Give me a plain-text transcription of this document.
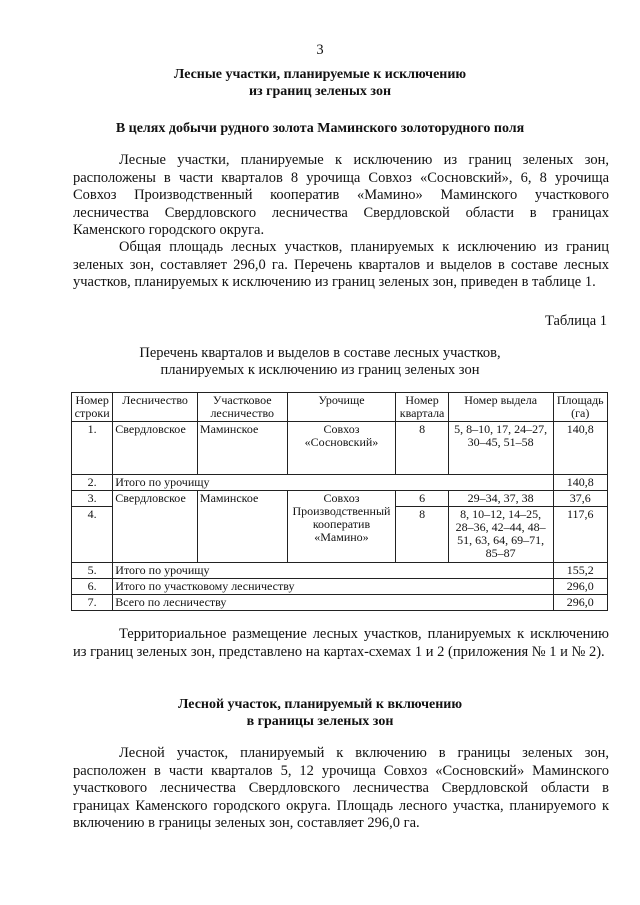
3
Лесные участки, планируемые к исключению
из границ зеленых зон
В целях добычи рудного золота Маминского золоторудного поля
Лесные участки, планируемые к исключению из границ зеленых зон, расположены в части кварталов 8 урочища Совхоз «Сосновский», 6, 8 урочища Совхоз Производственный кооператив «Мамино» Маминского участкового лесничества Свердловского лесничества Свердловской области в границах Каменского городского округа.
Общая площадь лесных участков, планируемых к исключению из границ зеленых зон, составляет 296,0 га. Перечень кварталов и выделов в составе лесных участков, планируемых к исключению из границ зеленых зон, приведен в таблице 1.
Таблица 1
Перечень кварталов и выделов в составе лесных участков,
планируемых к исключению из границ зеленых зон
Номер строки	Лесничество	Участковое лесничество	Урочище	Номер квартала	Номер выдела	Площадь (га)
1.	Свердловское	Маминское	Совхоз «Сосновский»	8	5, 8–10, 17, 24–27, 30–45, 51–58	140,8
2.	Итого по урочищу					140,8
3.	Свердловское	Маминское	Совхоз Производственный кооператив «Мамино»	6	29–34, 37, 38	37,6
4.				8	8, 10–12, 14–25, 28–36, 42–44, 48–51, 63, 64, 69–71, 85–87	117,6
5.	Итого по урочищу					155,2
6.	Итого по участковому лесничеству					296,0
7.	Всего по лесничеству					296,0
Территориальное размещение лесных участков, планируемых к исключению из границ зеленых зон, представлено на картах-схемах 1 и 2 (приложения № 1 и № 2).
Лесной участок, планируемый к включению
в границы зеленых зон
Лесной участок, планируемый к включению в границы зеленых зон, расположен в части кварталов 5, 12 урочища Совхоз «Сосновский» Маминского участкового лесничества Свердловского лесничества Свердловской области в границах Каменского городского округа. Площадь лесного участка, планируемого к включению в границы зеленых зон, составляет 296,0 га.
